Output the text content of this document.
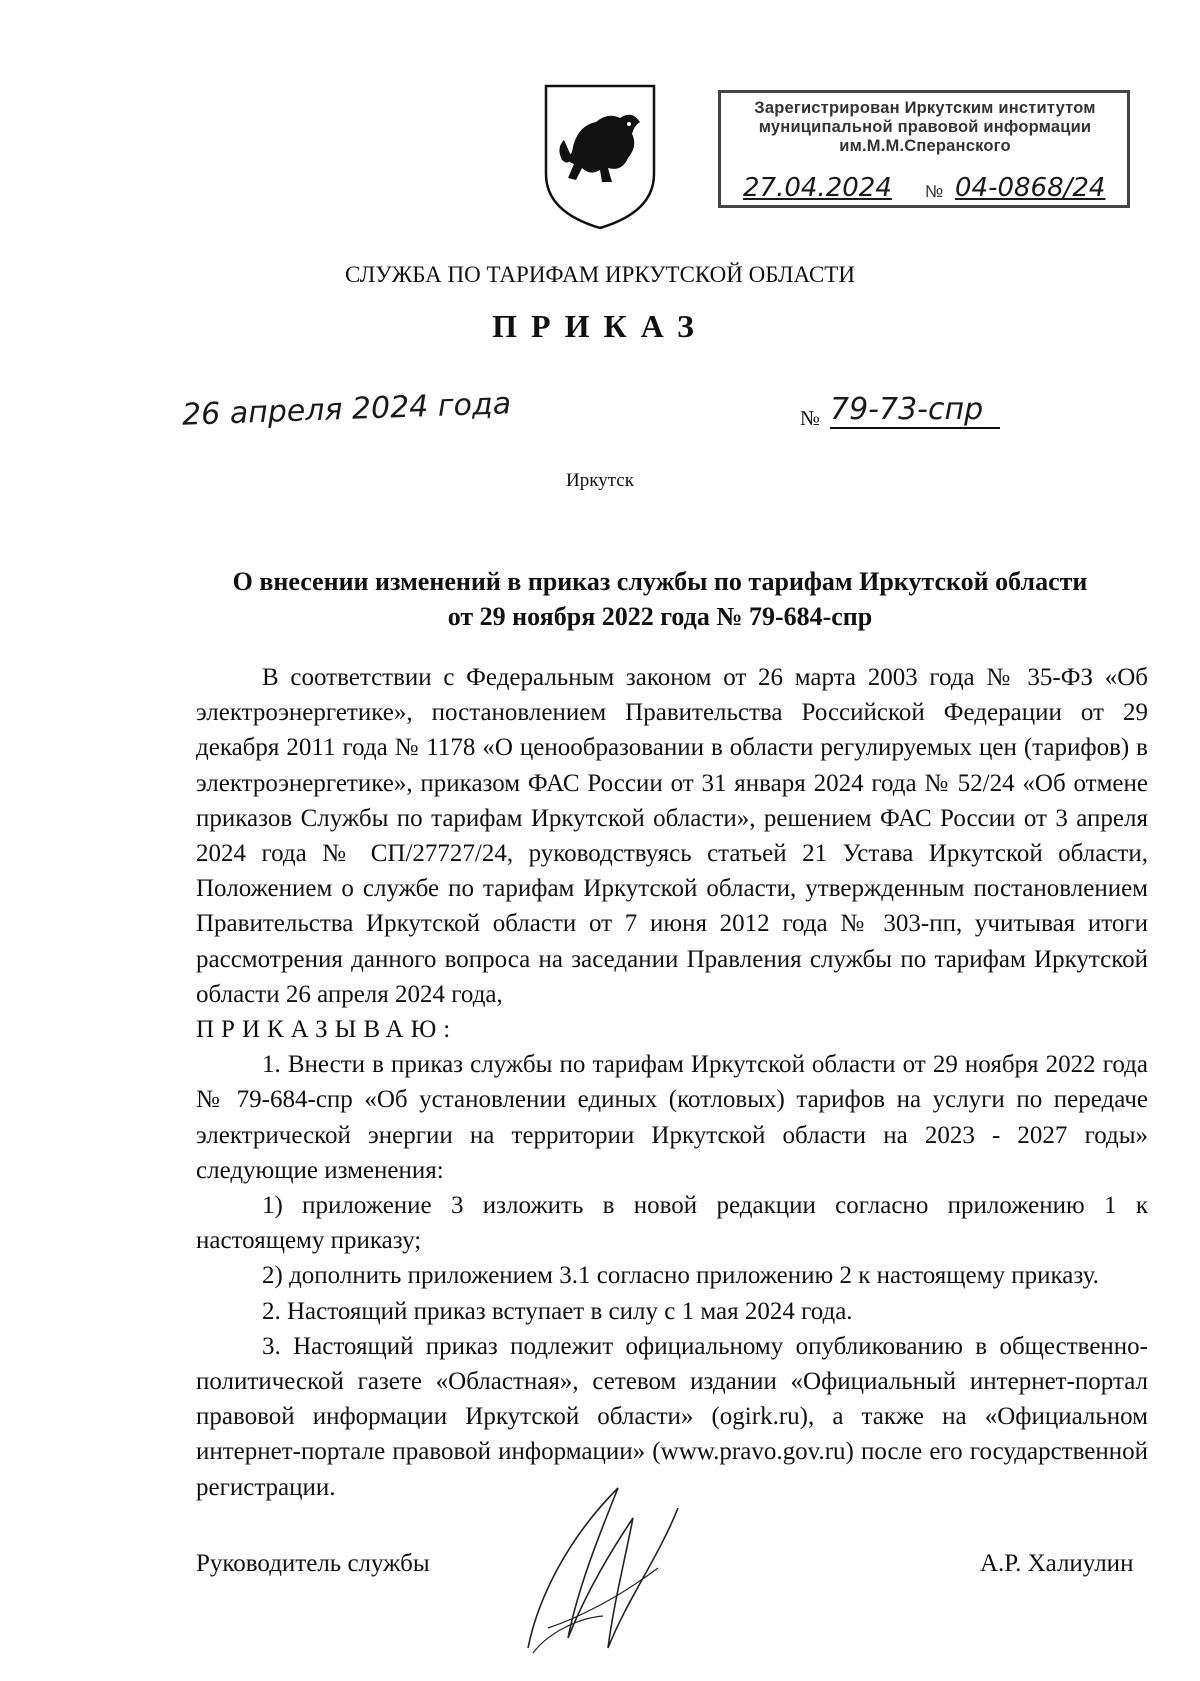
Зарегистрирован Иркутским институтом
муниципальной правовой информации
им.М.М.Сперанского
27.04.2024 № 04-0868/24
СЛУЖБА ПО ТАРИФАМ ИРКУТСКОЙ ОБЛАСТИ
ПРИКАЗ
26 апреля 2024 года	№ 79-73-спр
Иркутск
О внесении изменений в приказ службы по тарифам Иркутской области
от 29 ноября 2022 года № 79-684-спр

В соответствии с Федеральным законом от 26 марта 2003 года № 35-ФЗ «Об электроэнергетике», постановлением Правительства Российской Федерации от 29 декабря 2011 года № 1178 «О ценообразовании в области регулируемых цен (тарифов) в электроэнергетике», приказом ФАС России от 31 января 2024 года № 52/24 «Об отмене приказов Службы по тарифам Иркутской области», решением ФАС России от 3 апреля 2024 года № СП/27727/24, руководствуясь статьей 21 Устава Иркутской области, Положением о службе по тарифам Иркутской области, утвержденным постановлением Правительства Иркутской области от 7 июня 2012 года № 303-пп, учитывая итоги рассмотрения данного вопроса на заседании Правления службы по тарифам Иркутской области 26 апреля 2024 года,

ПРИКАЗЫВАЮ:

1. Внести в приказ службы по тарифам Иркутской области от 29 ноября 2022 года № 79-684-спр «Об установлении единых (котловых) тарифов на услуги по передаче электрической энергии на территории Иркутской области на 2023 - 2027 годы» следующие изменения:

1) приложение 3 изложить в новой редакции согласно приложению 1 к настоящему приказу;

2) дополнить приложением 3.1 согласно приложению 2 к настоящему приказу.

2. Настоящий приказ вступает в силу с 1 мая 2024 года.

3. Настоящий приказ подлежит официальному опубликованию в общественно-политической газете «Областная», сетевом издании «Официальный интернет-портал правовой информации Иркутской области» (ogirk.ru), а также на «Официальном интернет-портале правовой информации» (www.pravo.gov.ru) после его государственной регистрации.

Руководитель службы	А.Р. Халиулин
